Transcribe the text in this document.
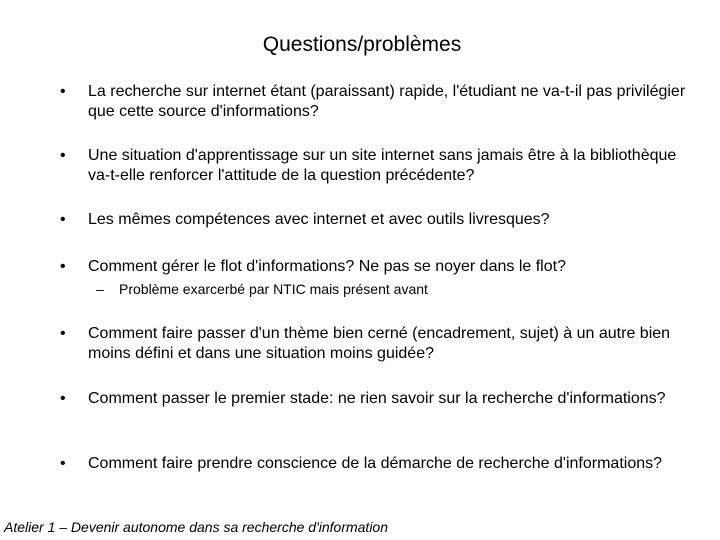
Questions/problèmes
• La recherche sur internet étant (paraissant) rapide, l'étudiant ne va-t-il pas privilégier que cette source d'informations?
• Une situation d'apprentissage sur un site internet sans jamais être à la bibliothèque va-t-elle renforcer l'attitude de la question précédente?
• Les mêmes compétences avec internet et avec outils livresques?
• Comment gérer le flot d'informations? Ne pas se noyer dans le flot?
– Problème exarcerbé par NTIC mais présent avant
• Comment faire passer d'un thème bien cerné (encadrement, sujet) à un autre bien moins défini et dans une situation moins guidée?
• Comment passer le premier stade: ne rien savoir sur la recherche d'informations?
• Comment faire prendre conscience de la démarche de recherche d'informations?
Atelier 1 – Devenir autonome dans sa recherche d'information
